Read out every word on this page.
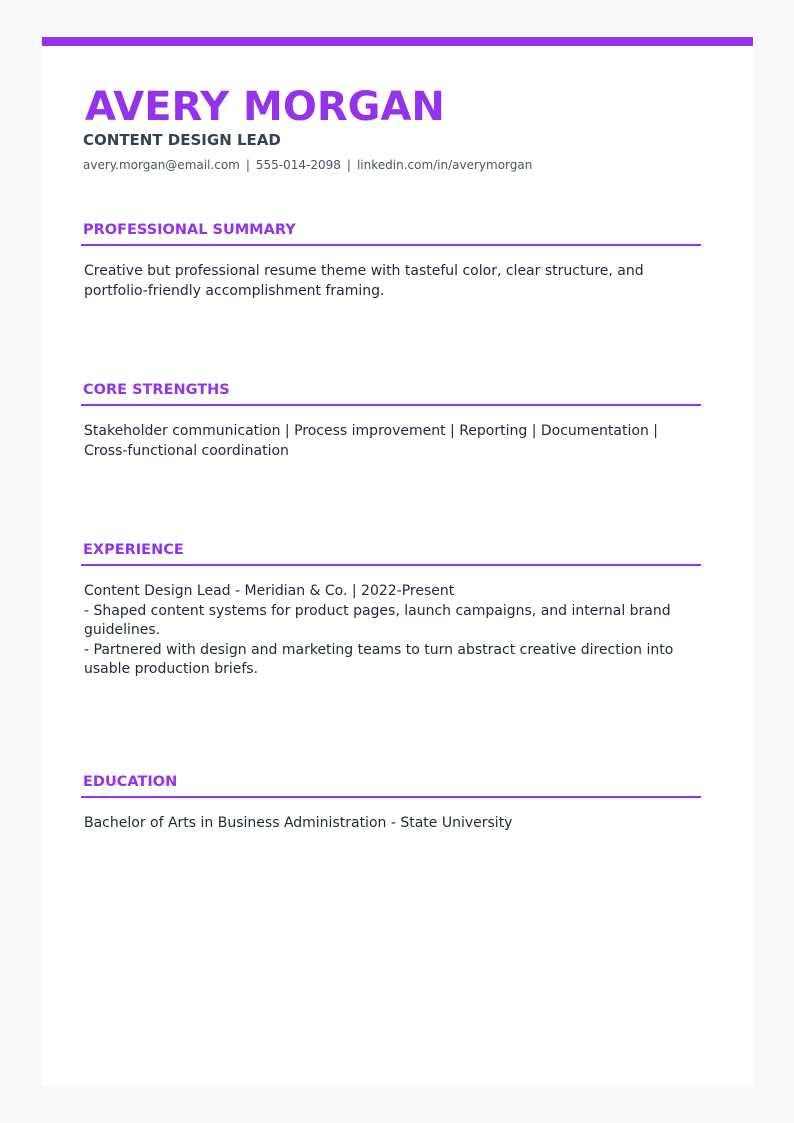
AVERY MORGAN
CONTENT DESIGN LEAD
avery.morgan@email.com | 555-014-2098 | linkedin.com/in/averymorgan
PROFESSIONAL SUMMARY
Creative but professional resume theme with tasteful color, clear structure, and portfolio-friendly accomplishment framing.
CORE STRENGTHS
Stakeholder communication | Process improvement | Reporting | Documentation | Cross-functional coordination
EXPERIENCE
Content Design Lead - Meridian & Co. | 2022-Present
- Shaped content systems for product pages, launch campaigns, and internal brand guidelines.
- Partnered with design and marketing teams to turn abstract creative direction into usable production briefs.
EDUCATION
Bachelor of Arts in Business Administration - State University
